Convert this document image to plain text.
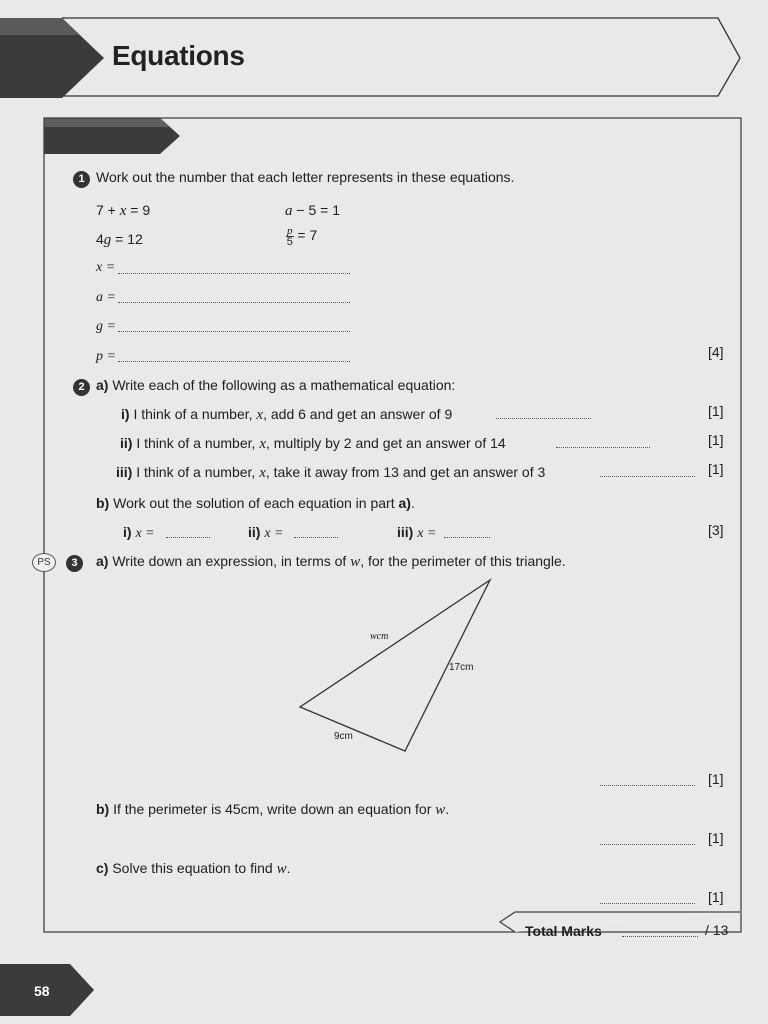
Equations
1 Work out the number that each letter represents in these equations.
7 + x = 9	a − 5 = 1
4g = 12	$\frac{p}{5} = 7$
x =
a =
g =
p =	[4]
2 a) Write each of the following as a mathematical equation:
i) I think of a number, x, add 6 and get an answer of 9	[1]
ii) I think of a number, x, multiply by 2 and get an answer of 14	[1]
iii) I think of a number, x, take it away from 13 and get an answer of 3	[1]
b) Work out the solution of each equation in part a).
i) x =	ii) x =	iii) x =	[3]
PS	3	a) Write down an expression, in terms of w, for the perimeter of this triangle.
wcm
17cm
9cm
[1]
b) If the perimeter is 45cm, write down an equation for w.
[1]
c) Solve this equation to find w.
[1]
Total Marks	/ 13
58
